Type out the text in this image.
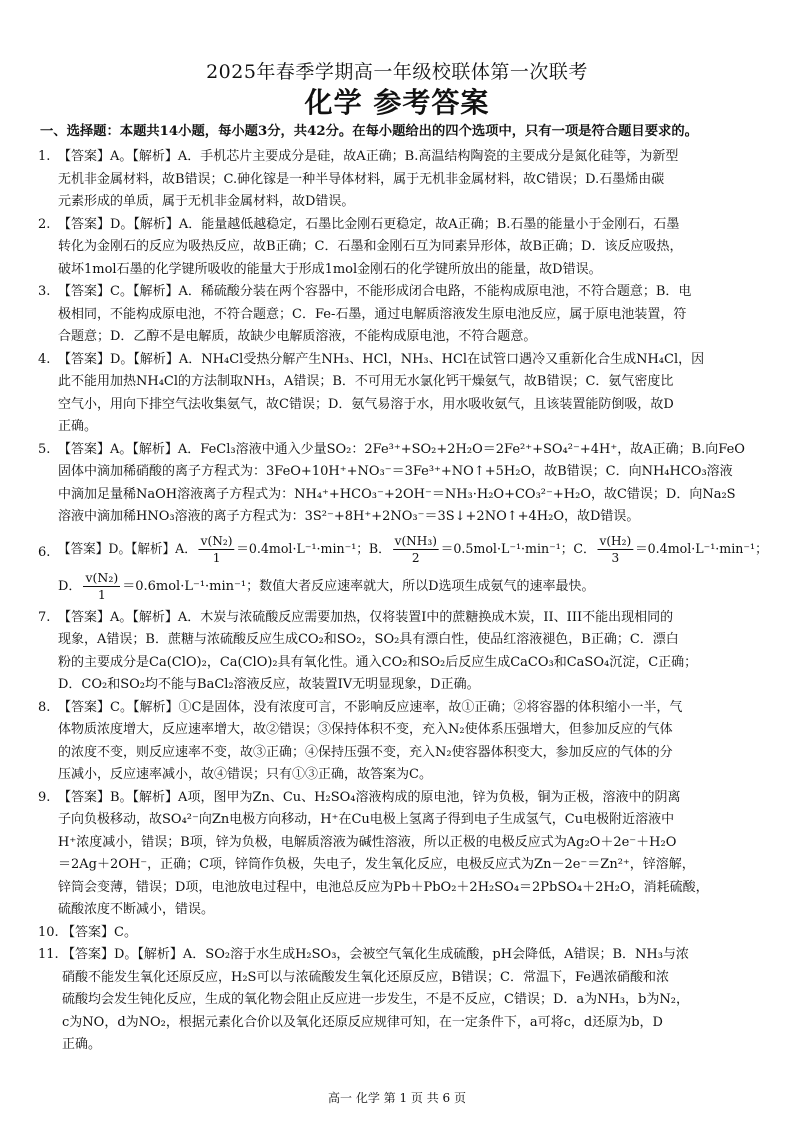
2025年春季学期高一年级校联体第一次联考
化学 参考答案
一、选择题：本题共14小题，每小题3分，共42分。在每小题给出的四个选项中，只有一项是符合题目要求的。
1. 【答案】A。【解析】A．手机芯片主要成分是硅，故A正确；B.高温结构陶瓷的主要成分是氮化硅等，为新型
无机非金属材料，故B错误；C.砷化镓是一种半导体材料，属于无机非金属材料，故C错误；D.石墨烯由碳
元素形成的单质，属于无机非金属材料，故D错误。
2. 【答案】D。【解析】A．能量越低越稳定，石墨比金刚石更稳定，故A正确；B.石墨的能量小于金刚石，石墨
转化为金刚石的反应为吸热反应，故B正确；C．石墨和金刚石互为同素异形体，故B正确；D．该反应吸热，
破坏1mol石墨的化学键所吸收的能量大于形成1mol金刚石的化学键所放出的能量，故D错误。
3. 【答案】C。【解析】A．稀硫酸分装在两个容器中，不能形成闭合电路，不能构成原电池，不符合题意；B．电
极相同，不能构成原电池，不符合题意；C．Fe-石墨，通过电解质溶液发生原电池反应，属于原电池装置，符
合题意；D．乙醇不是电解质，故缺少电解质溶液，不能构成原电池，不符合题意。
4. 【答案】D。【解析】A．NH₄Cl受热分解产生NH₃、HCl，NH₃、HCl在试管口遇冷又重新化合生成NH₄Cl，因
此不能用加热NH₄Cl的方法制取NH₃，A错误；B．不可用无水氯化钙干燥氨气，故B错误；C．氨气密度比
空气小，用向下排空气法收集氨气，故C错误；D．氨气易溶于水，用水吸收氨气，且该装置能防倒吸，故D
正确。
5. 【答案】A。【解析】A．FeCl₃溶液中通入少量SO₂：2Fe³⁺+SO₂+2H₂O＝2Fe²⁺+SO₄²⁻+4H⁺，故A正确；B.向FeO
固体中滴加稀硝酸的离子方程式为：3FeO+10H⁺+NO₃⁻＝3Fe³⁺+NO↑+5H₂O，故B错误；C．向NH₄HCO₃溶液
中滴加足量稀NaOH溶液离子方程式为：NH₄⁺+HCO₃⁻+2OH⁻＝NH₃·H₂O+CO₃²⁻+H₂O，故C错误；D．向Na₂S
溶液中滴加稀HNO₃溶液的离子方程式为：3S²⁻+8H⁺+2NO₃⁻＝3S↓+2NO↑+4H₂O，故D错误。
6. 【答案】D。【解析】A． $\frac{\text{v(N₂)}}{1} =0.4mol\cdot L^{-1}\cdot\min^{-1}$；B． $\frac{\text{v(NH₃)}}{2} =0.5mol\cdot L^{-1}\cdot\min^{-1}$；C． $\frac{\text{v(H₂)}}{3} =0.4mol\cdot L^{-1}\cdot\min^{-1}$；
D． $\frac{\text{v(N₂)}}{1} =0.6mol\cdot L^{-1}\cdot\min^{-1}$；数值大者反应速率就大，所以D选项生成氨气的速率最快。
7. 【答案】A。【解析】A．木炭与浓硫酸反应需要加热，仅将装置I中的蔗糖换成木炭，II、III不能出现相同的
现象，A错误；B．蔗糖与浓硫酸反应生成CO₂和SO₂，SO₂具有漂白性，使品红溶液褪色，B正确；C．漂白
粉的主要成分是Ca(ClO)₂，Ca(ClO)₂具有氧化性。通入CO₂和SO₂后反应生成CaCO₃和CaSO₄沉淀，C正确；
D．CO₂和SO₂均不能与BaCl₂溶液反应，故装置IV无明显现象，D正确。
8. 【答案】C。【解析】①C是固体，没有浓度可言，不影响反应速率，故①正确；②将容器的体积缩小一半，气
体物质浓度增大，反应速率增大，故②错误；③保持体积不变，充入N₂使体系压强增大，但参加反应的气体
的浓度不变，则反应速率不变，故③正确；④保持压强不变，充入N₂使容器体积变大，参加反应的气体的分
压减小，反应速率减小，故④错误；只有①③正确，故答案为C。
9. 【答案】B。【解析】A项，图甲为Zn、Cu、H₂SO₄溶液构成的原电池，锌为负极，铜为正极，溶液中的阴离
子向负极移动，故SO₄²⁻向Zn电极方向移动，H⁺在Cu电极上氢离子得到电子生成氢气，Cu电极附近溶液中
H⁺浓度减小，错误；B项，锌为负极，电解质溶液为碱性溶液，所以正极的电极反应式为Ag₂O＋2e⁻＋H₂O
＝2Ag＋2OH⁻，正确；C项，锌筒作负极，失电子，发生氧化反应，电极反应式为Zn－2e⁻＝Zn²⁺，锌溶解，
锌筒会变薄，错误；D项，电池放电过程中，电池总反应为Pb＋PbO₂＋2H₂SO₄＝2PbSO₄＋2H₂O，消耗硫酸，
硫酸浓度不断减小，错误。
10. 【答案】C。
11. 【答案】D。【解析】A．SO₂溶于水生成H₂SO₃，会被空气氧化生成硫酸，pH会降低，A错误；B．NH₃与浓
硝酸不能发生氧化还原反应，H₂S可以与浓硫酸发生氧化还原反应，B错误；C．常温下，Fe遇浓硝酸和浓
硫酸均会发生钝化反应，生成的氧化物会阻止反应进一步发生，不是不反应，C错误；D．a为NH₃，b为N₂，
c为NO，d为NO₂，根据元素化合价以及氧化还原反应规律可知，在一定条件下，a可将c，d还原为b，D
正确。
高一 化学 第 1 页 共 6 页
